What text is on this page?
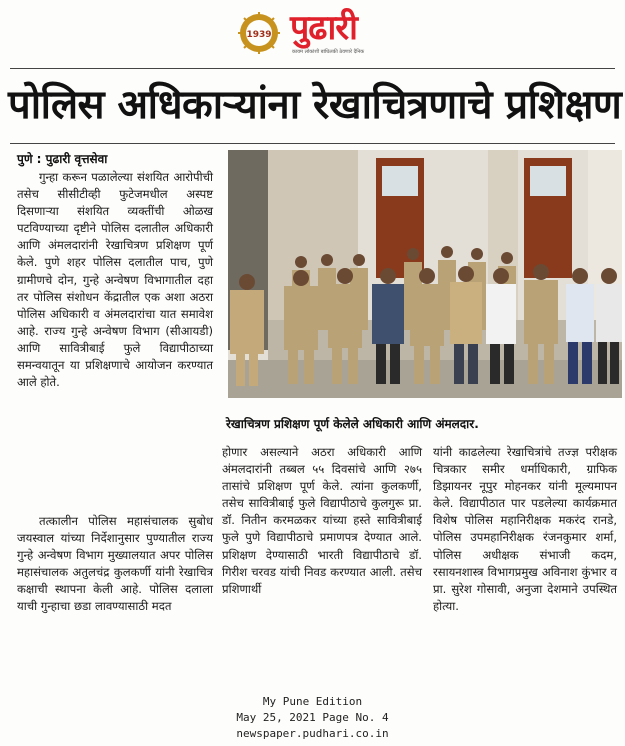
1939 पुढारी
कायम लोकांशी बांधिलकी ठेवणारे दैनिक
पोलिस अधिकाऱ्यांना रेखाचित्रणाचे प्रशिक्षण
पुणे : पुढारी वृत्तसेवा

गुन्हा करून पळालेल्या संशयित आरोपीची तसेच सीसीटीव्ही फुटेजमधील अस्पष्ट दिसणाऱ्या संशयित व्यक्तींची ओळख पटविण्याच्या दृष्टीने पोलिस दलातील अधिकारी आणि अंमलदारांनी रेखाचित्रण प्रशिक्षण पूर्ण केले. पुणे शहर पोलिस दलातील पाच, पुणे ग्रामीणचे दोन, गुन्हे अन्वेषण विभागातील दहा तर पोलिस संशोधन केंद्रातील एक अशा अठरा पोलिस अधिकारी व अंमलदारांचा यात समावेश आहे. राज्य गुन्हे अन्वेषण विभाग (सीआयडी) आणि सावित्रीबाई फुले विद्यापीठाच्या समन्वयातून या प्रशिक्षणाचे आयोजन करण्यात आले होते.

तत्कालीन पोलिस महासंचालक सुबोध जयस्वाल यांच्या निर्देशानुसार पुण्यातील राज्य गुन्हे अन्वेषण विभाग मुख्यालयात अपर पोलिस महासंचालक अतुलचंद्र कुलकर्णी यांनी रेखाचित्र कक्षाची स्थापना केली आहे. पोलिस दलाला याची गुन्हाचा छडा लावण्यासाठी मदत

रेखाचित्रण प्रशिक्षण पूर्ण केलेले अधिकारी आणि अंमलदार.

होणार असल्याने अठरा अधिकारी आणि अंमलदारांनी तब्बल ५५ दिवसांचे आणि २७५ तासांचे प्रशिक्षण पूर्ण केले. त्यांना कुलकर्णी, तसेच सावित्रीबाई फुले विद्यापीठाचे कुलगुरू प्रा. डॉ. नितीन करमळकर यांच्या हस्ते सावित्रीबाई फुले पुणे विद्यापीठाचे प्रमाणपत्र देण्यात आले. प्रशिक्षण देण्यासाठी भारती विद्यापीठाचे डॉ. गिरीश चरवड यांची निवड करण्यात आली. तसेच प्रशिणार्थी

यांनी काढलेल्या रेखाचित्रांचे तज्ज्ञ परीक्षक चित्रकार समीर धर्माधिकारी, ग्राफिक डिझायनर नूपुर मोहनकर यांनी मूल्यमापन केले. विद्यापीठात पार पडलेल्या कार्यक्रमात विशेष पोलिस महानिरीक्षक मकरंद रानडे, पोलिस उपमहानिरीक्षक रंजनकुमार शर्मा, पोलिस अधीक्षक संभाजी कदम, रसायनशास्त्र विभागप्रमुख अविनाश कुंभार व प्रा. सुरेश गोसावी, अनुजा देशमाने उपस्थित होत्या.

My Pune Edition
May 25, 2021 Page No. 4
newspaper.pudhari.co.in
